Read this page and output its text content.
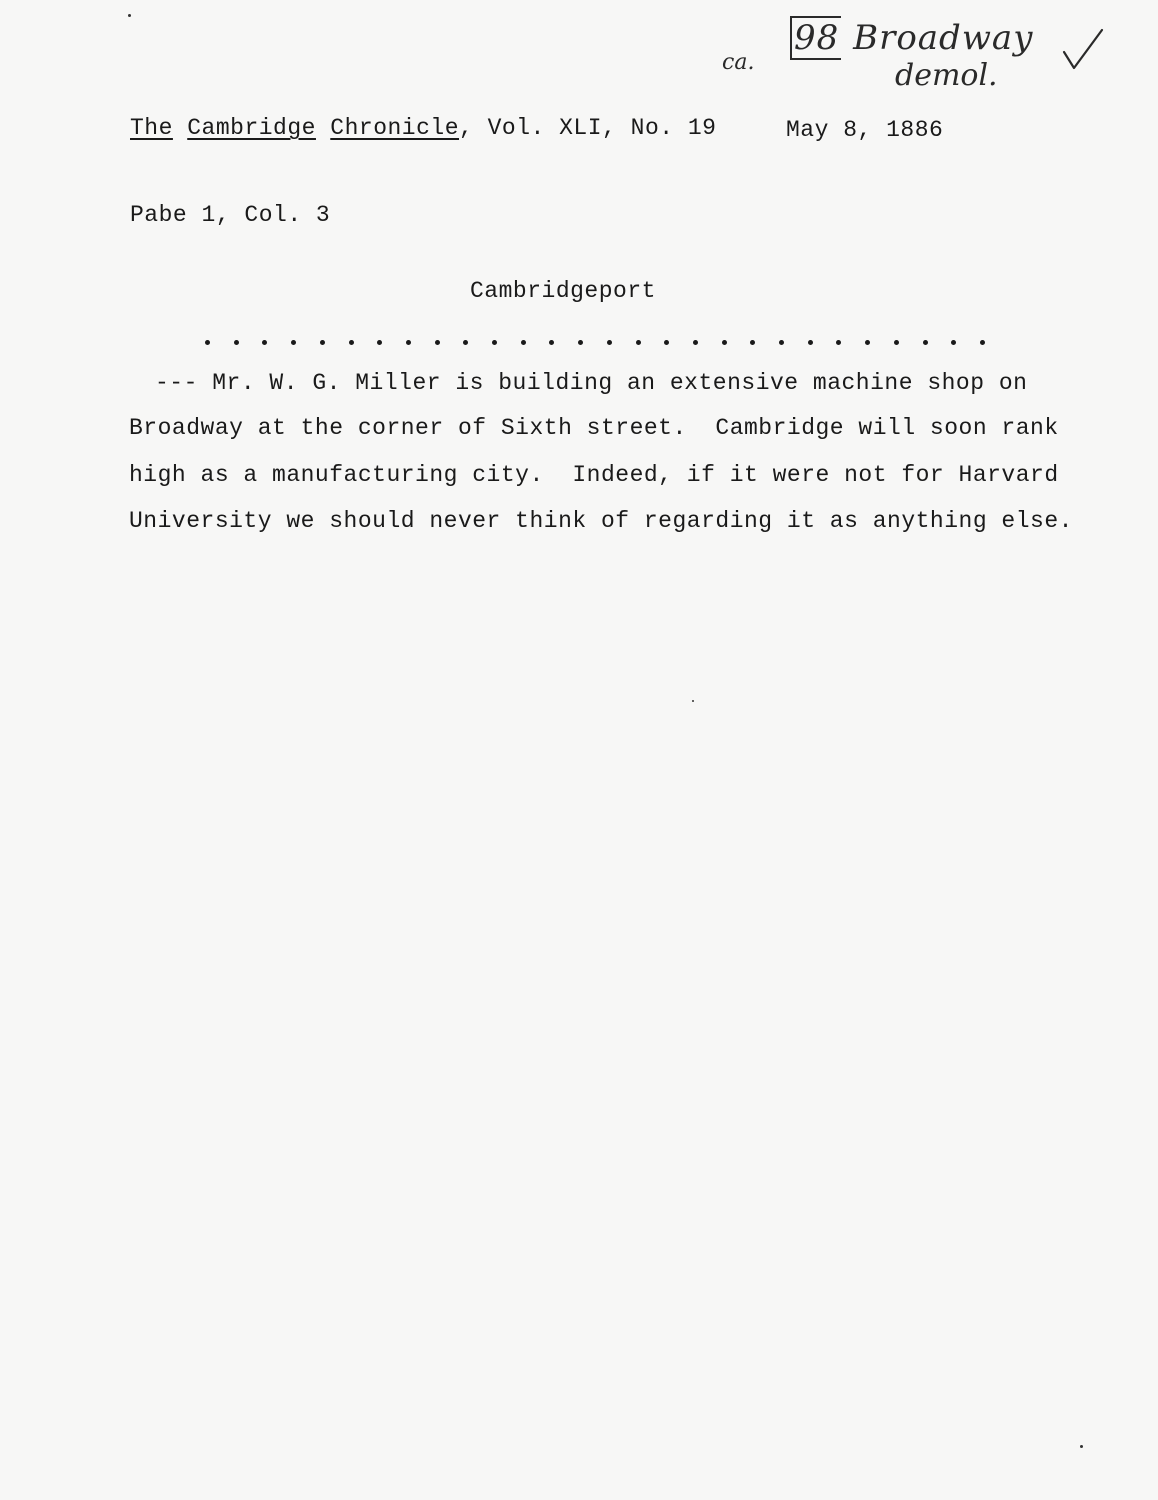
ca.
98 Broadway
demol.
The Cambridge Chronicle, Vol. XLI, No. 19	May 8, 1886
Pabe 1, Col. 3
Cambridgeport
--- Mr. W. G. Miller is building an extensive machine shop on
Broadway at the corner of Sixth street.  Cambridge will soon rank
high as a manufacturing city.  Indeed, if it were not for Harvard
University we should never think of regarding it as anything else.
